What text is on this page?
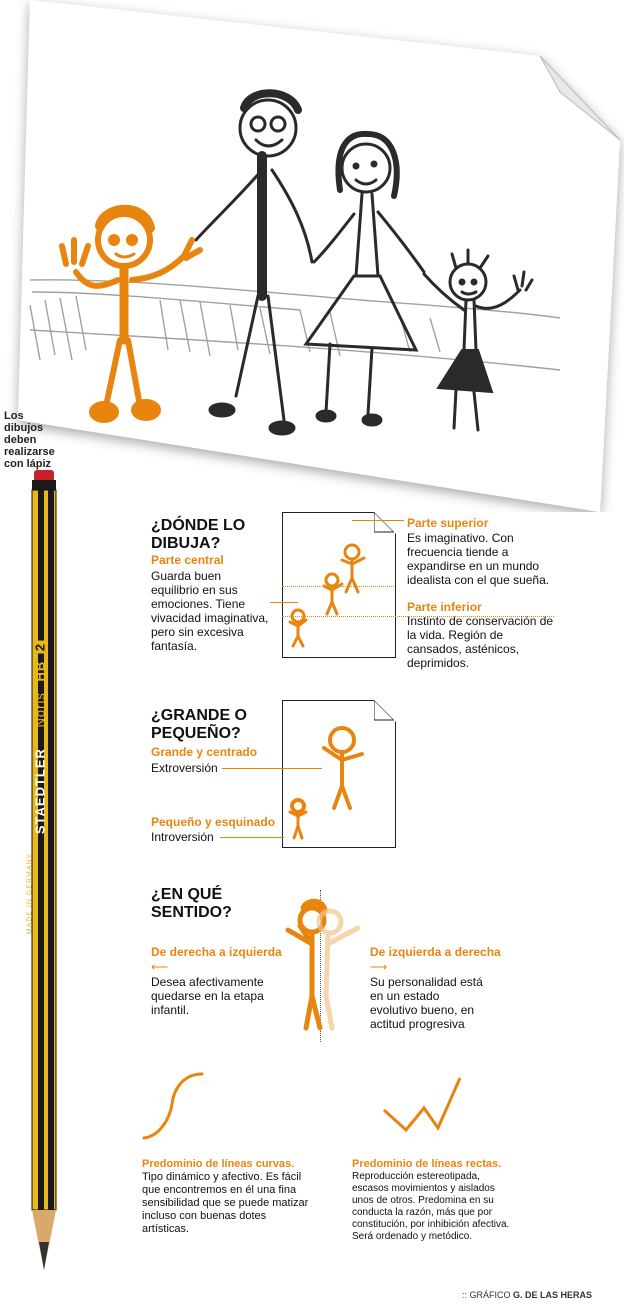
Los dibujos deben realizarse con lápiz
STAEDTLER Noris HB 2
MADE IN GERMANY
¿DÓNDE LO DIBUJA?
Parte central
Guarda buen equilibrio en sus emociones. Tiene vivacidad imaginativa, pero sin excesiva fantasía.
Parte superior
Es imaginativo. Con frecuencia tiende a expandirse en un mundo idealista con el que sueña.
Parte inferior
Instinto de conservación de la vida. Región de cansados, asténicos, deprimidos.
¿GRANDE O PEQUEÑO?
Grande y centrado
Extroversión
Pequeño y esquinado
Introversión
¿EN QUÉ SENTIDO?
De derecha a izquierda
⟵
Desea afectivamente quedarse en la etapa infantil.
De izquierda a derecha
⟶
Su personalidad está en un estado evolutivo bueno, en actitud progresiva
Predominio de líneas curvas. Tipo dinámico y afectivo. Es fácil que encontremos en él una fina sensibilidad que se puede matizar incluso con buenas dotes artísticas.
Predominio de líneas rectas. Reproducción estereotipada, escasos movimientos y aislados unos de otros. Predomina en su conducta la razón, más que por constitución, por inhibición afectiva. Será ordenado y metódico.
:: GRÁFICO G. DE LAS HERAS
